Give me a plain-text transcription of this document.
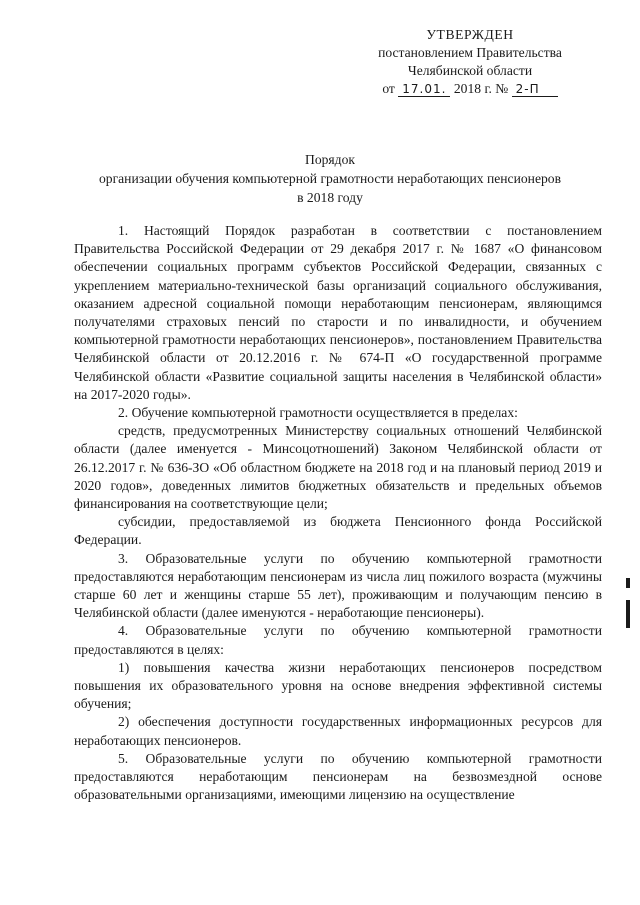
УТВЕРЖДЕН
постановлением Правительства
Челябинской области
от 17.01. 2018 г. № 2-П
Порядок
организации обучения компьютерной грамотности неработающих пенсионеров
в 2018 году

1. Настоящий Порядок разработан в соответствии с постановлением Правительства Российской Федерации от 29 декабря 2017 г. № 1687 «О финансовом обеспечении социальных программ субъектов Российской Федерации, связанных с укреплением материально-технической базы организаций социального обслуживания, оказанием адресной социальной помощи неработающим пенсионерам, являющимся получателями страховых пенсий по старости и по инвалидности, и обучением компьютерной грамотности неработающих пенсионеров», постановлением Правительства Челябинской области от 20.12.2016 г. № 674-П «О государственной программе Челябинской области «Развитие социальной защиты населения в Челябинской области» на 2017-2020 годы».

2. Обучение компьютерной грамотности осуществляется в пределах:

средств, предусмотренных Министерству социальных отношений Челябинской области (далее именуется - Минсоцотношений) Законом Челябинской области от 26.12.2017 г. № 636-ЗО «Об областном бюджете на 2018 год и на плановый период 2019 и 2020 годов», доведенных лимитов бюджетных обязательств и предельных объемов финансирования на соответствующие цели;

субсидии, предоставляемой из бюджета Пенсионного фонда Российской Федерации.

3. Образовательные услуги по обучению компьютерной грамотности предоставляются неработающим пенсионерам из числа лиц пожилого возраста (мужчины старше 60 лет и женщины старше 55 лет), проживающим и получающим пенсию в Челябинской области (далее именуются - неработающие пенсионеры).

4. Образовательные услуги по обучению компьютерной грамотности предоставляются в целях:

1) повышения качества жизни неработающих пенсионеров посредством повышения их образовательного уровня на основе внедрения эффективной системы обучения;

2) обеспечения доступности государственных информационных ресурсов для неработающих пенсионеров.

5. Образовательные услуги по обучению компьютерной грамотности предоставляются неработающим пенсионерам на безвозмездной основе образовательными организациями, имеющими лицензию на осуществление
